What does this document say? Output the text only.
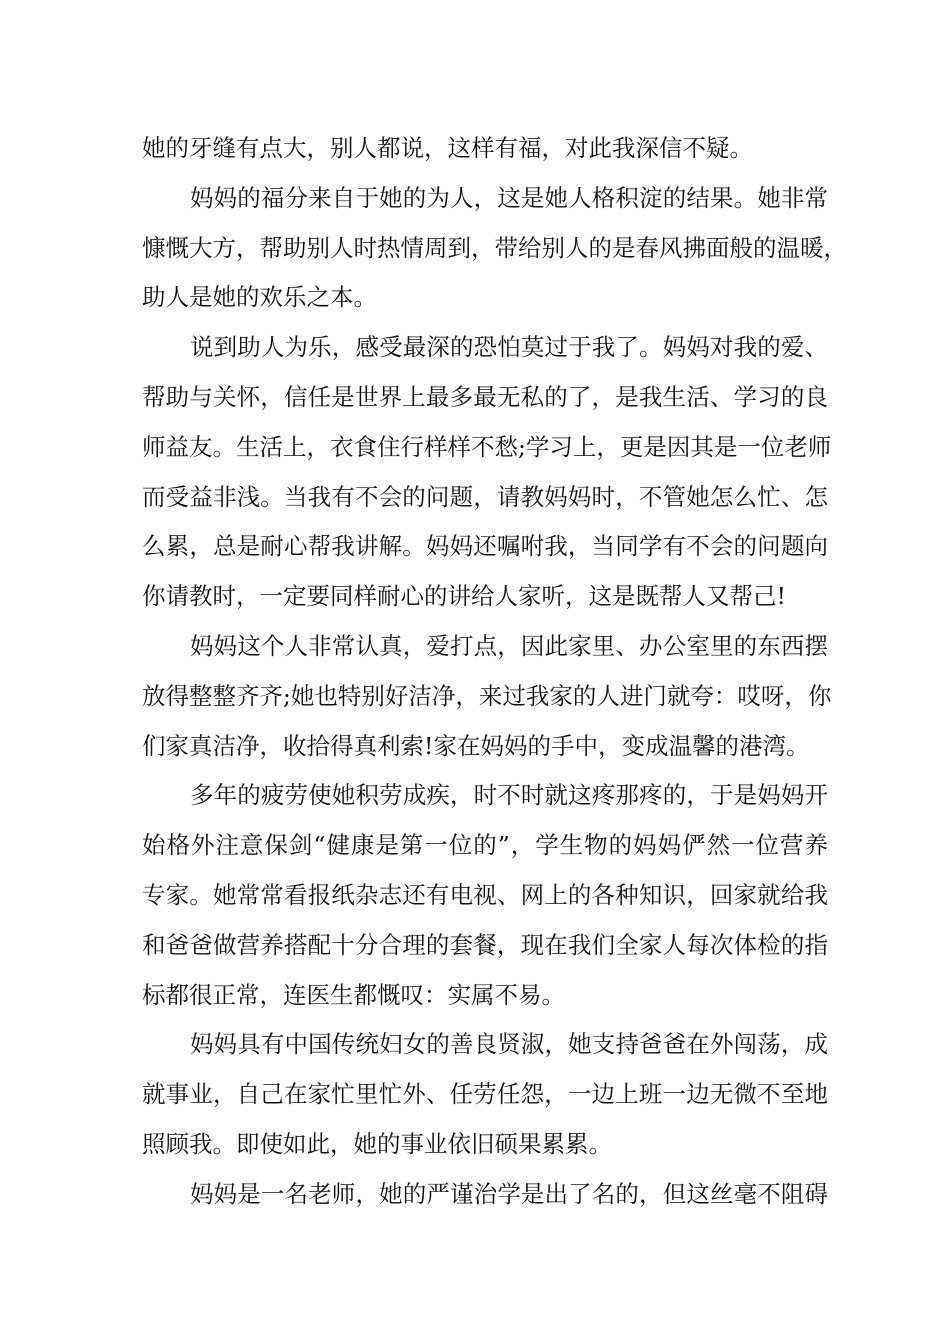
她的牙缝有点大，别人都说，这样有福，对此我深信不疑。
妈妈的福分来自于她的为人，这是她人格积淀的结果。她非常
慷慨大方，帮助别人时热情周到，带给别人的是春风拂面般的温暖，
助人是她的欢乐之本。
说到助人为乐，感受最深的恐怕莫过于我了。妈妈对我的爱、
帮助与关怀，信任是世界上最多最无私的了，是我生活、学习的良
师益友。生活上，衣食住行样样不愁;学习上，更是因其是一位老师
而受益非浅。当我有不会的问题，请教妈妈时，不管她怎么忙、怎
么累，总是耐心帮我讲解。妈妈还嘱咐我，当同学有不会的问题向
你请教时，一定要同样耐心的讲给人家听，这是既帮人又帮己!
妈妈这个人非常认真，爱打点，因此家里、办公室里的东西摆
放得整整齐齐;她也特别好洁净，来过我家的人进门就夸：哎呀，你
们家真洁净，收拾得真利索!家在妈妈的手中，变成温馨的港湾。
多年的疲劳使她积劳成疾，时不时就这疼那疼的，于是妈妈开
始格外注意保剑“健康是第一位的”，学生物的妈妈俨然一位营养
专家。她常常看报纸杂志还有电视、网上的各种知识，回家就给我
和爸爸做营养搭配十分合理的套餐，现在我们全家人每次体检的指
标都很正常，连医生都慨叹：实属不易。
妈妈具有中国传统妇女的善良贤淑，她支持爸爸在外闯荡，成
就事业，自己在家忙里忙外、任劳任怨，一边上班一边无微不至地
照顾我。即使如此，她的事业依旧硕果累累。
妈妈是一名老师，她的严谨治学是出了名的，但这丝毫不阻碍
